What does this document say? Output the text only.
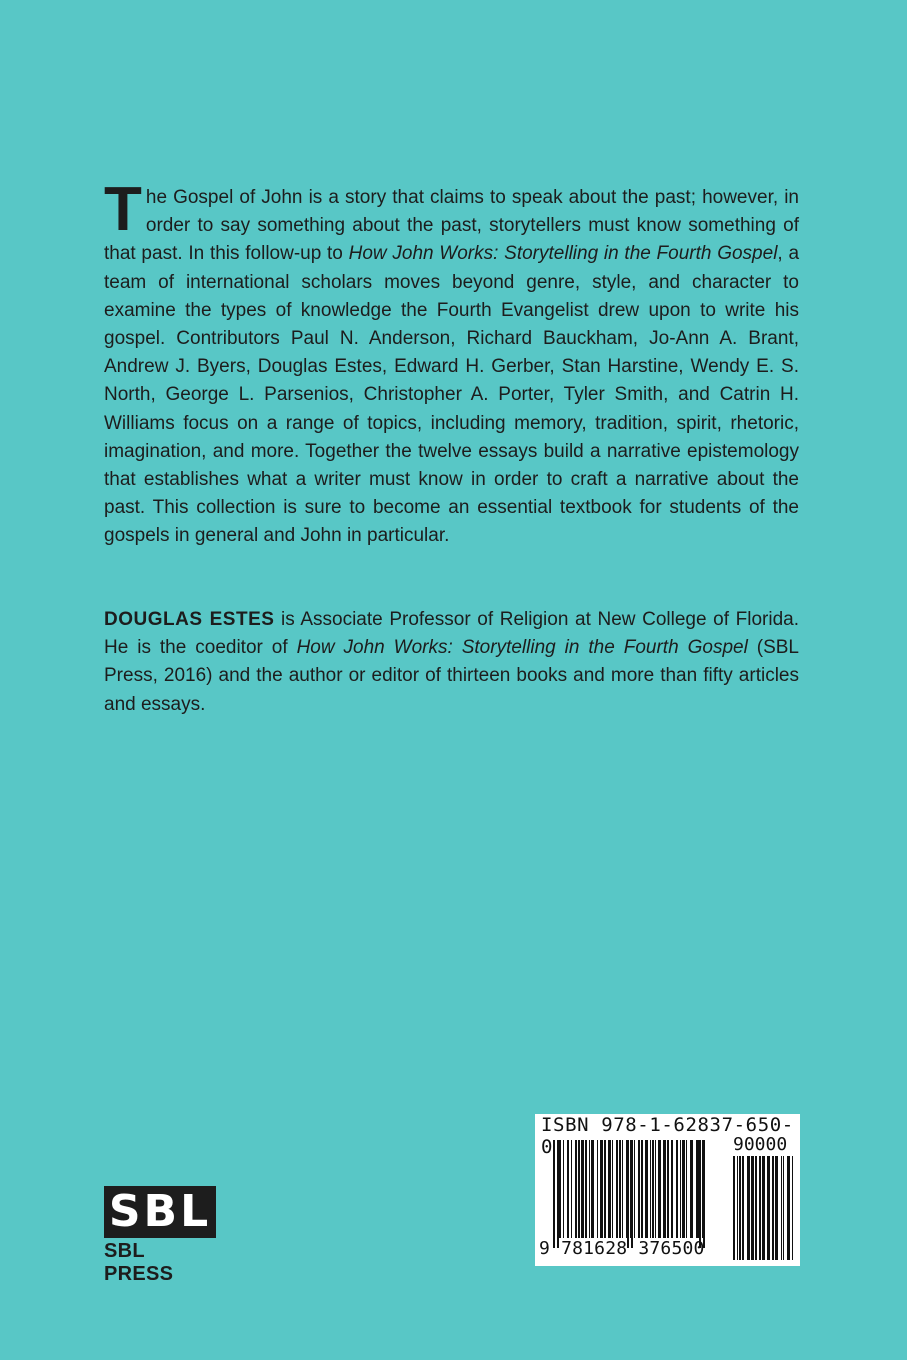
The Gospel of John is a story that claims to speak about the past; however, in order to say something about the past, storytellers must know something of that past. In this follow-up to How John Works: Storytelling in the Fourth Gospel, a team of international scholars moves beyond genre, style, and character to examine the types of knowledge the Fourth Evangelist drew upon to write his gospel. Contributors Paul N. Anderson, Richard Bauckham, Jo-Ann A. Brant, Andrew J. Byers, Douglas Estes, Edward H. Gerber, Stan Harstine, Wendy E. S. North, George L. Parsenios, Christopher A. Porter, Tyler Smith, and Catrin H. Williams focus on a range of topics, including memory, tradition, spirit, rhetoric, imagination, and more. Together the twelve essays build a narrative epistemology that establishes what a writer must know in order to craft a narrative about the past. This collection is sure to become an essential textbook for students of the gospels in general and John in particular.

DOUGLAS ESTES is Associate Professor of Religion at New College of Florida. He is the coeditor of How John Works: Storytelling in the Fourth Gospel (SBL Press, 2016) and the author or editor of thirteen books and more than fifty articles and essays.

SBL
SBL PRESS
ISBN 978-1-62837-650-0	90000
9 781628 376500
